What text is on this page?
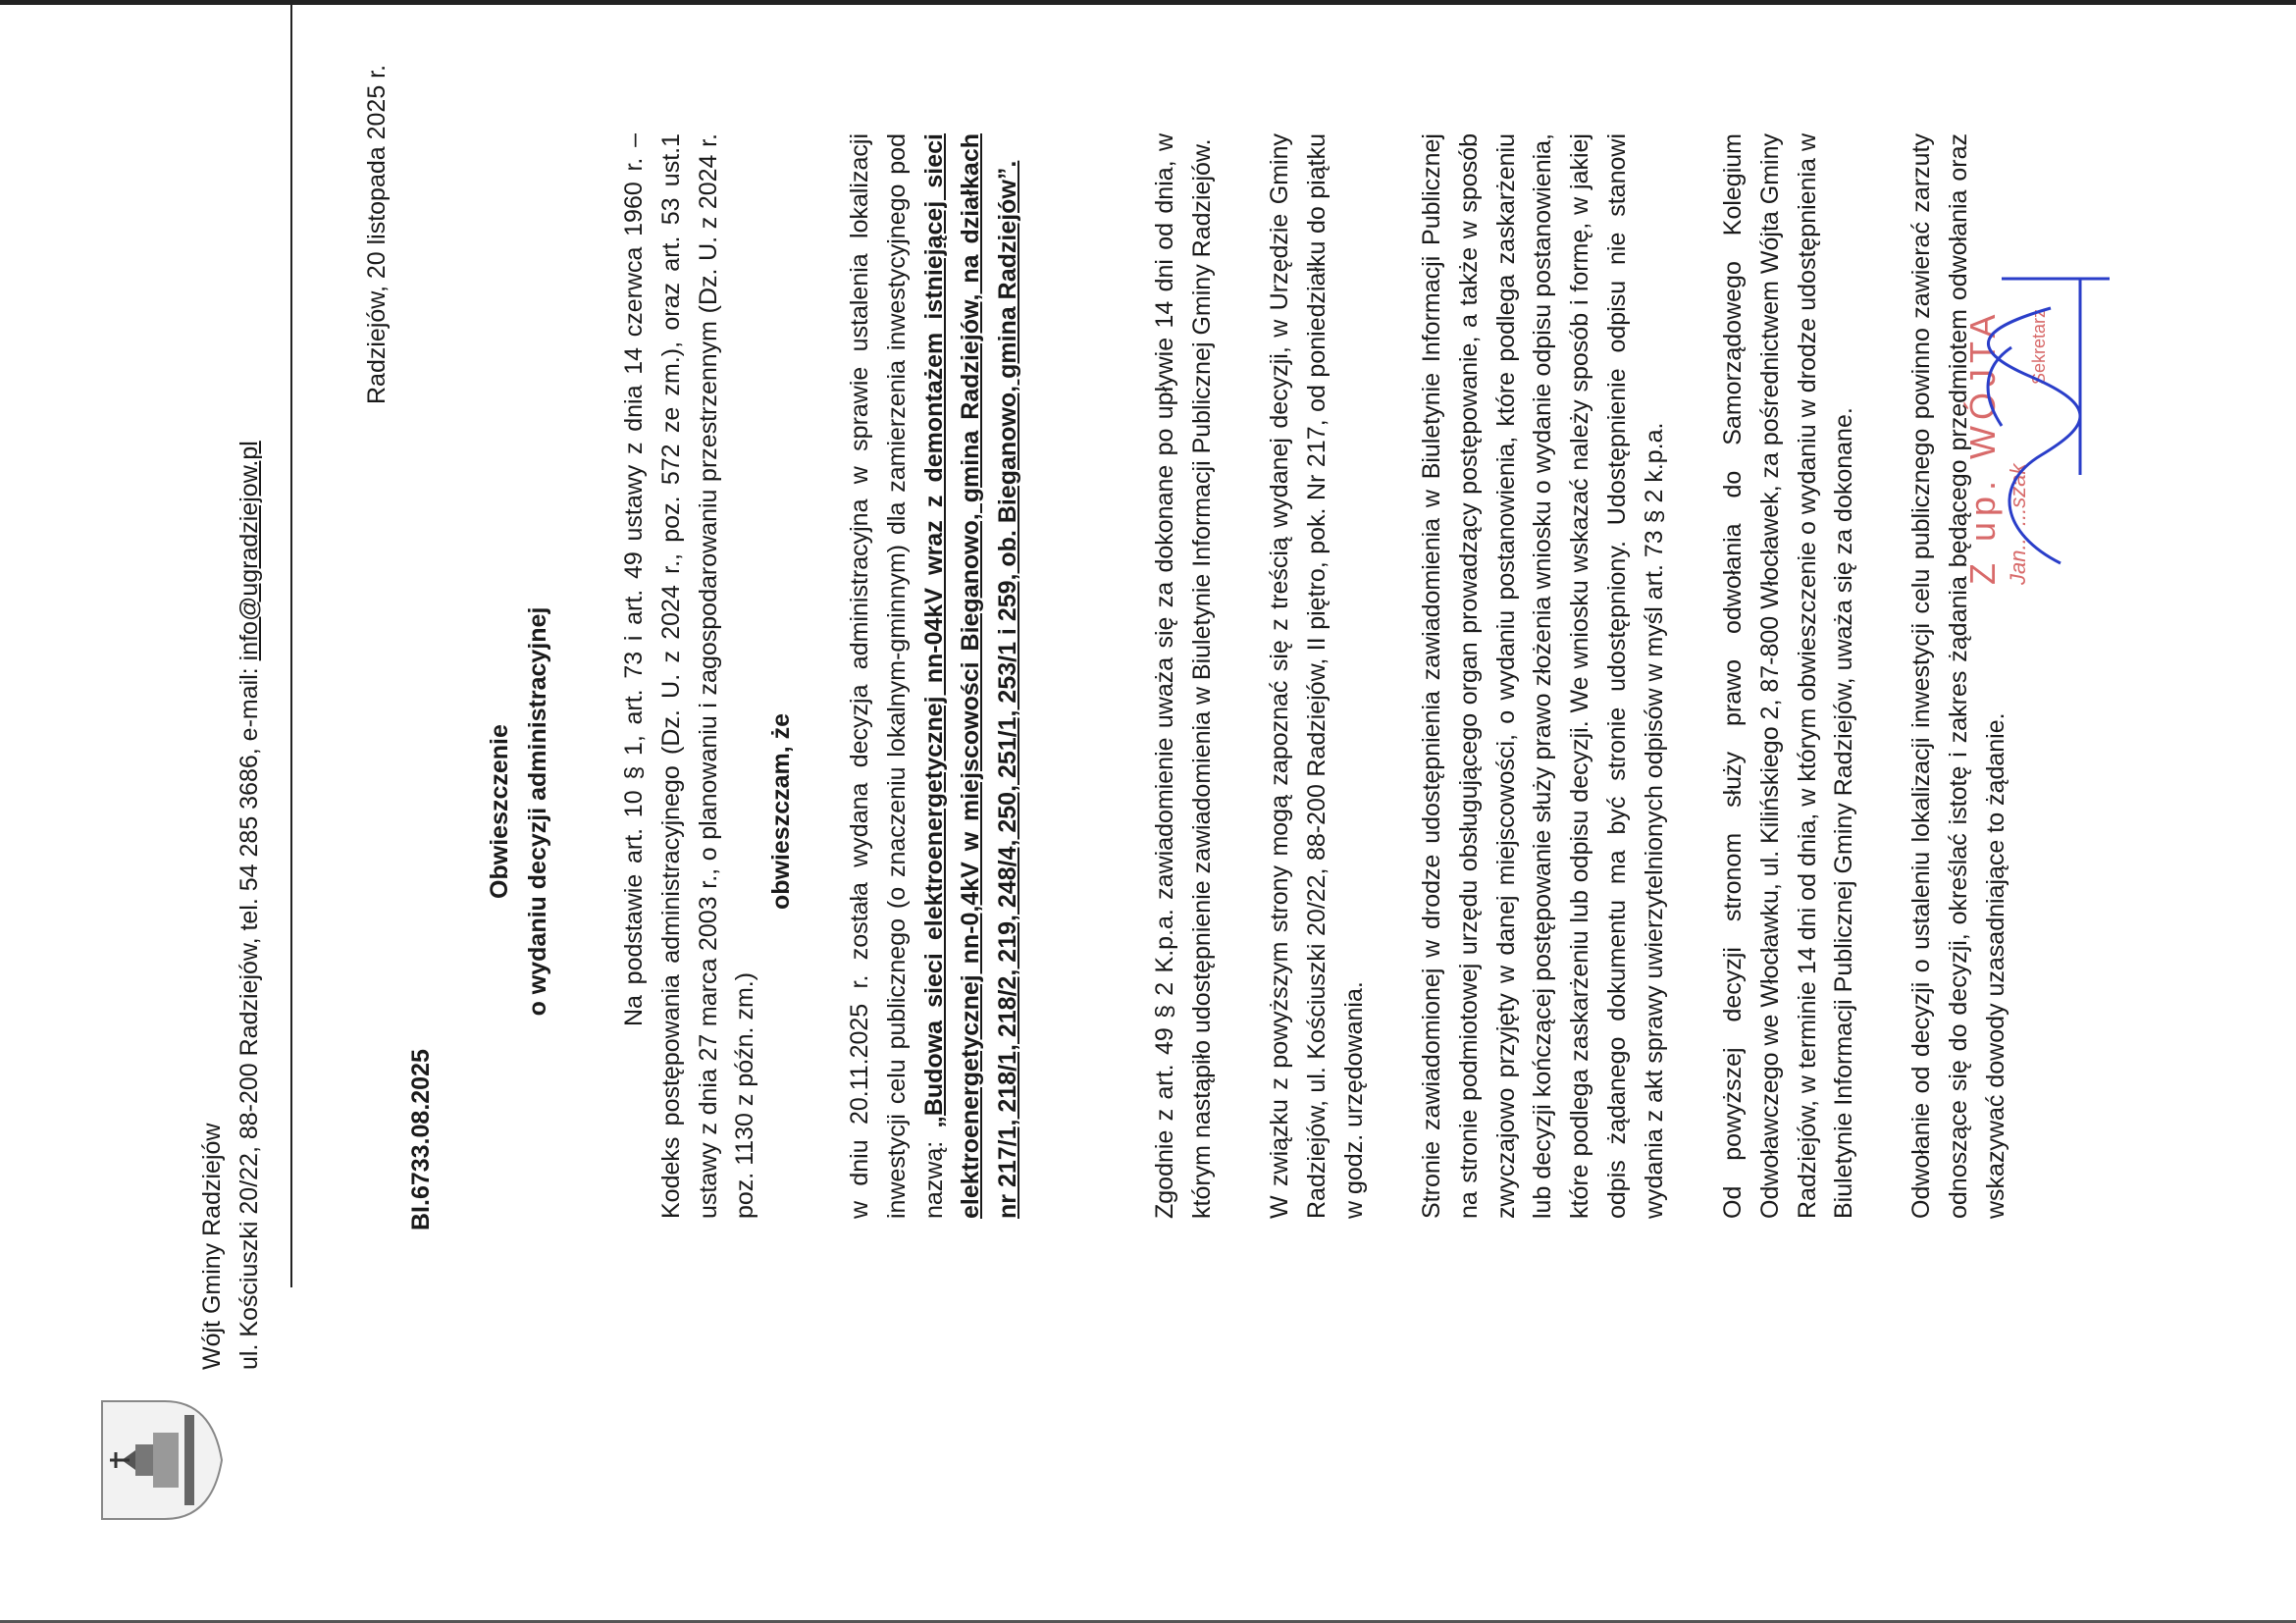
Wójt Gminy Radziejów ul. Kościuszki 20/22, 88-200 Radziejów, tel. 54 285 3686, e-mail: info@ugradziejow.pl
BI.6733.08.2025
Radziejów, 20 listopada 2025 r.
Obwieszczenie o wydaniu decyzji administracyjnej	Na podstawie art. 10 § 1, art. 73 i art. 49 ustawy z dnia 14 czerwca 1960 r. – Kodeks postępowania administracyjnego (Dz. U. z 2024 r., poz. 572 ze zm.), oraz art. 53 ust.1 ustawy z dnia 27 marca 2003 r., o planowaniu i zagospodarowaniu przestrzennym (Dz. U. z 2024 r. poz. 1130 z późn. zm.)

obwieszczam, że w dniu 20.11.2025 r. została wydana decyzja administracyjna w sprawie ustalenia lokalizacji inwestycji celu publicznego (o znaczeniu lokalnym-gminnym) dla zamierzenia inwestycyjnego pod nazwą: „Budowa sieci elektroenergetycznej nn-04kV wraz z demontażem istniejącej sieci elektroenergetycznej nn-0,4kV w miejscowości Bieganowo, gmina Radziejów, na działkach nr 217/1, 218/1, 218/2, 219, 248/4, 250, 251/1, 253/1 i 259, ob. Bieganowo, gmina Radziejów”.	Zgodnie z art. 49 § 2 K.p.a. zawiadomienie uważa się za dokonane po upływie 14 dni od dnia, w którym nastąpiło udostępnienie zawiadomienia w Biuletynie Informacji Publicznej Gminy Radziejów. W związku z powyższym strony mogą zapoznać się z treścią wydanej decyzji, w Urzędzie Gminy Radziejów, ul. Kościuszki 20/22, 88-200 Radziejów, II piętro, pok. Nr 217, od poniedziałku do piątku w godz. urzędowania. Stronie zawiadomionej w drodze udostępnienia zawiadomienia w Biuletynie Informacji Publicznej na stronie podmiotowej urzędu obsługującego organ prowadzący postępowanie, a także w sposób zwyczajowo przyjęty w danej miejscowości, o wydaniu postanowienia, które podlega zaskarżeniu lub decyzji kończącej postępowanie służy prawo złożenia wniosku o wydanie odpisu postanowienia, które podlega zaskarżeniu lub odpisu decyzji. We wniosku wskazać należy sposób i formę, w jakiej odpis żądanego dokumentu ma być stronie udostępniony. Udostępnienie odpisu nie stanowi wydania z akt sprawy uwierzytelnionych odpisów w myśl art. 73 § 2 k.p.a. Od powyższej decyzji stronom służy prawo odwołania do Samorządowego Kolegium Odwoławczego we Włocławku, ul. Kilińskiego 2, 87-800 Włocławek, za pośrednictwem Wójta Gminy Radziejów, w terminie 14 dni od dnia, w którym obwieszczenie o wydaniu w drodze udostępnienia w Biuletynie Informacji Publicznej Gminy Radziejów, uważa się za dokonane. Odwołanie od decyzji o ustaleniu lokalizacji inwestycji celu publicznego powinno zawierać zarzuty odnoszące się do decyzji, określać istotę i zakres żądania będącego przedmiotem odwołania oraz wskazywać dowody uzasadniające to żądanie.

Z up. WÓJTA Jan... ...szak
Sekretarz
